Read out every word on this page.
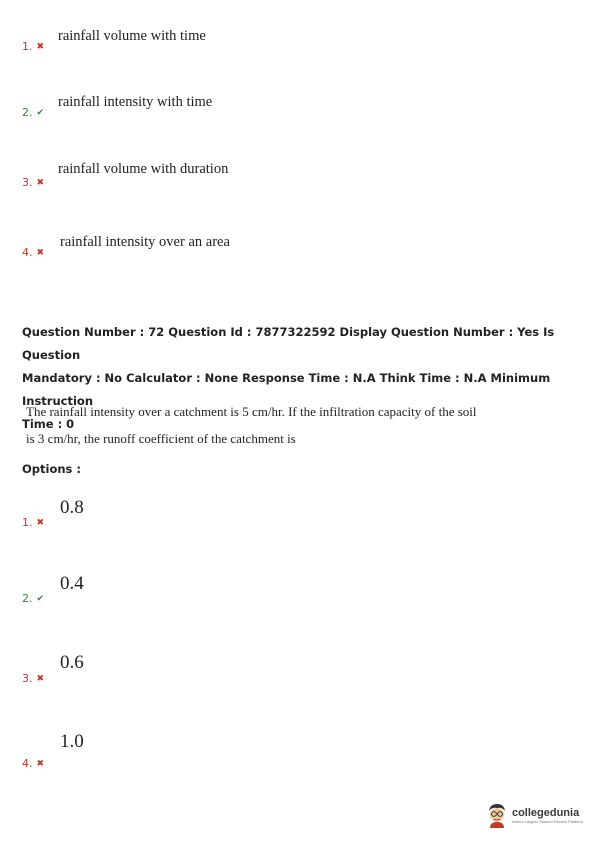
1. ✖
rainfall volume with time
2. ✔
rainfall intensity with time
3. ✖
rainfall volume with duration
4. ✖
rainfall intensity over an area
Question Number : 72 Question Id : 7877322592 Display Question Number : Yes Is Question
Mandatory : No Calculator : None Response Time : N.A Think Time : N.A Minimum Instruction
Time : 0
The rainfall intensity over a catchment is 5 cm/hr. If the infiltration capacity of the soil
is 3 cm/hr, the runoff coefficient of the catchment is
Options :
1. ✖
0.8
2. ✔
0.4
3. ✖
0.6
4. ✖
1.0
collegedunia
India's Largest Student Review Platform
